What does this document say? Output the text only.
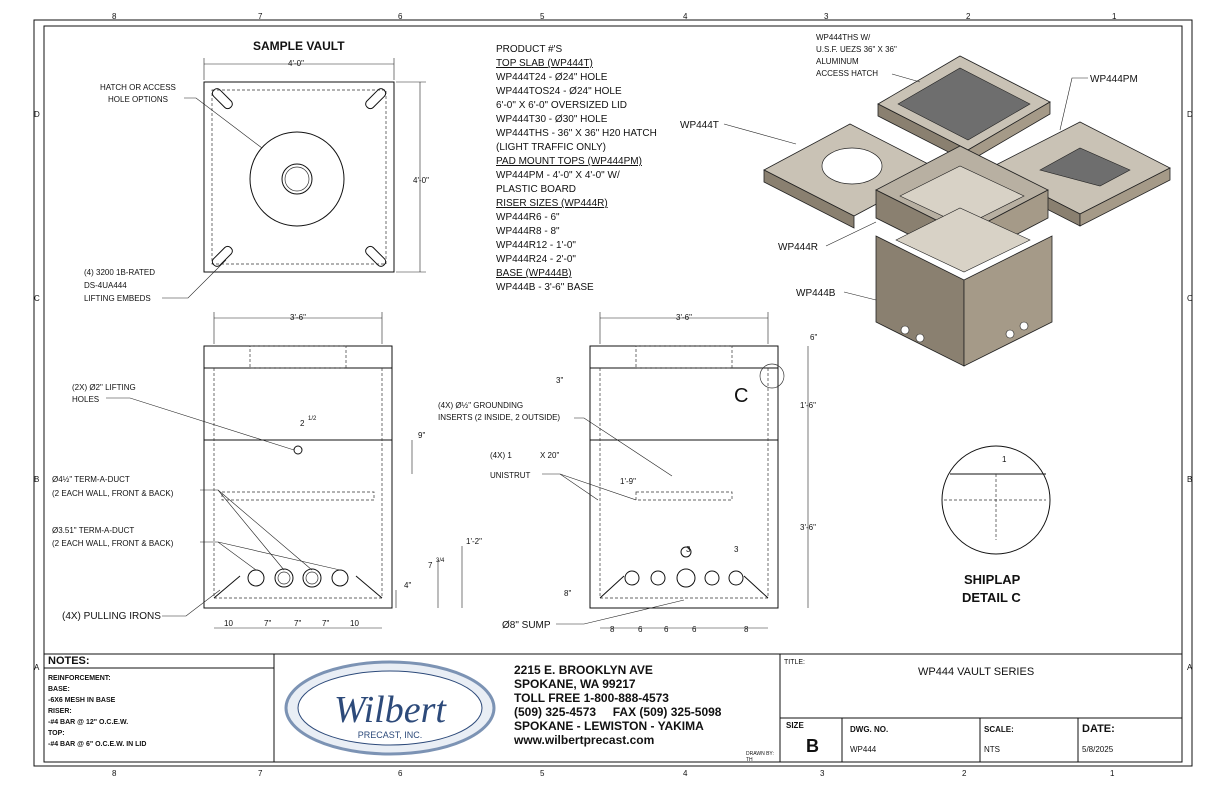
8	7	6	5	4	3	2	1
8	7	6	5	4	3	2	1
D
C
B
A
D
C
B
A
SAMPLE VAULT
4'-0"
4'-0"
HATCH OR ACCESS
HOLE OPTIONS
(4) 3200 1B-RATED
DS-4UA444
LIFTING EMBEDS
PRODUCT #'S
TOP SLAB (WP444T)
WP444T24 - Ø24" HOLE
WP444TOS24 - Ø24" HOLE
6'-0" X 6'-0" OVERSIZED LID
WP444T30 - Ø30" HOLE
WP444THS - 36" X 36" H20 HATCH
(LIGHT TRAFFIC ONLY)
PAD MOUNT TOPS (WP444PM)
WP444PM - 4'-0" X 4'-0" W/
PLASTIC BOARD
RISER SIZES (WP444R)
WP444R6 - 6"
WP444R8 - 8"
WP444R12 - 1'-0"
WP444R24 - 2'-0"
BASE (WP444B)
WP444B - 3'-6" BASE
WP444THS W/
U.S.F. UEZS 36" X 36"
ALUMINUM
ACCESS HATCH
WP444PM
WP444T
WP444R
WP444B
3'-6"
(2X) Ø2" LIFTING
HOLES
2 1/2
9"
Ø4½" TERM-A-DUCT
(2 EACH WALL, FRONT & BACK)
Ø3.51" TERM-A-DUCT
(2 EACH WALL, FRONT & BACK)	1'-2"
7 3/4
4"
(4X) PULLING IRONS
10	7"	7"	7"	10
3'-6"
C
6"
3"
(4X) Ø½" GROUNDING
INSERTS (2 INSIDE, 2 OUTSIDE)
(4X) 1	X 20"
UNISTRUT
1'-9"
1'-6"
3'-6"
8"
3	3
Ø8" SUMP	8	6	6	6	8
1
SHIPLAP
DETAIL C
NOTES:
REINFORCEMENT:
BASE:
-6X6 MESH IN BASE
RISER:
-#4 BAR @ 12" O.C.E.W.
TOP:
-#4 BAR @ 6" O.C.E.W. IN LID
Wilbert
PRECAST, INC.
2215 E. BROOKLYN AVE
SPOKANE, WA 99217
TOLL FREE 1-800-888-4573
(509) 325-4573     FAX (509) 325-5098
SPOKANE - LEWISTON - YAKIMA
www.wilbertprecast.com
DRAWN BY:
TH
TITLE:
WP444 VAULT SERIES
SIZE
B
DWG. NO.
WP444
SCALE:
NTS
DATE:
5/8/2025
